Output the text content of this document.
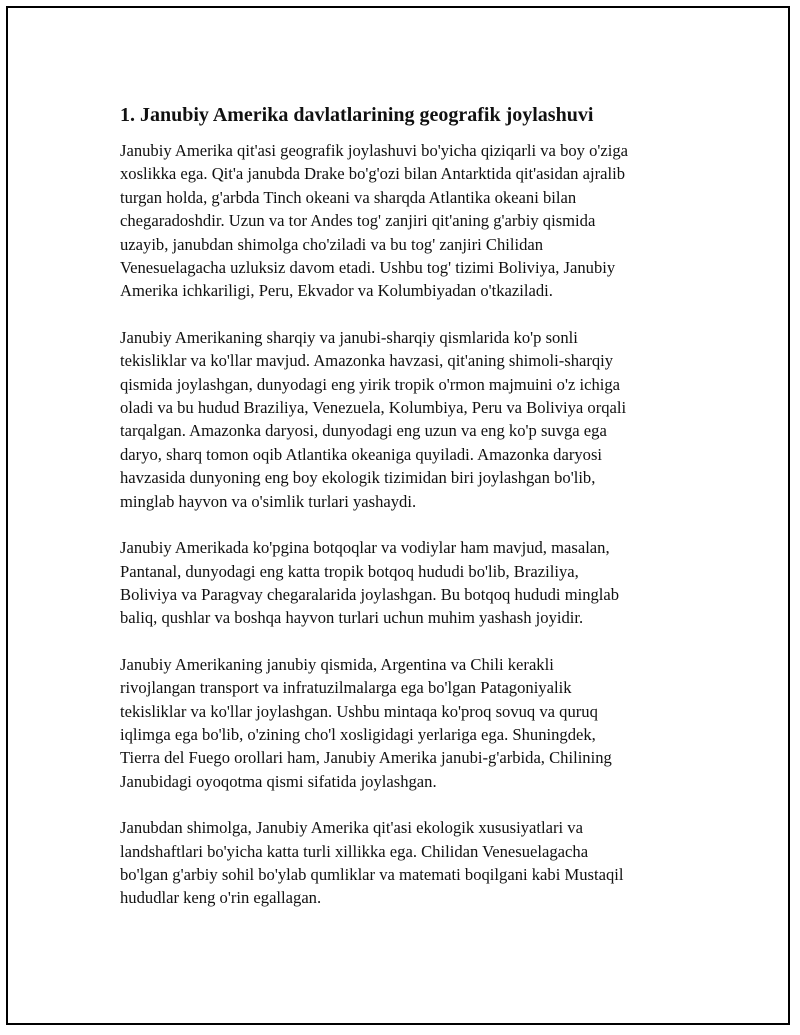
1. Janubiy Amerika davlatlarining geografik joylashuvi

Janubiy Amerika qit'asi geografik joylashuvi bo'yicha qiziqarli va boy o'ziga
xoslikka ega. Qit'a janubda Drake bo'g'ozi bilan Antarktida qit'asidan ajralib
turgan holda, g'arbda Tinch okeani va sharqda Atlantika okeani bilan
chegaradoshdir. Uzun va tor Andes tog' zanjiri qit'aning g'arbiy qismida
uzayib, janubdan shimolga cho'ziladi va bu tog' zanjiri Chilidan
Venesuelagacha uzluksiz davom etadi. Ushbu tog' tizimi Boliviya, Janubiy
Amerika ichkariligi, Peru, Ekvador va Kolumbiyadan o'tkaziladi.

Janubiy Amerikaning sharqiy va janubi-sharqiy qismlarida ko'p sonli
tekisliklar va ko'llar mavjud. Amazonka havzasi, qit'aning shimoli-sharqiy
qismida joylashgan, dunyodagi eng yirik tropik o'rmon majmuini o'z ichiga
oladi va bu hudud Braziliya, Venezuela, Kolumbiya, Peru va Boliviya orqali
tarqalgan. Amazonka daryosi, dunyodagi eng uzun va eng ko'p suvga ega
daryo, sharq tomon oqib Atlantika okeaniga quyiladi. Amazonka daryosi
havzasida dunyoning eng boy ekologik tizimidan biri joylashgan bo'lib,
minglab hayvon va o'simlik turlari yashaydi.

Janubiy Amerikada ko'pgina botqoqlar va vodiylar ham mavjud, masalan,
Pantanal, dunyodagi eng katta tropik botqoq hududi bo'lib, Braziliya,
Boliviya va Paragvay chegaralarida joylashgan. Bu botqoq hududi minglab
baliq, qushlar va boshqa hayvon turlari uchun muhim yashash joyidir.

Janubiy Amerikaning janubiy qismida, Argentina va Chili kerakli
rivojlangan transport va infratuzilmalarga ega bo'lgan Patagoniyalik
tekisliklar va ko'llar joylashgan. Ushbu mintaqa ko'proq sovuq va quruq
iqlimga ega bo'lib, o'zining cho'l xosligidagi yerlariga ega. Shuningdek,
Tierra del Fuego orollari ham, Janubiy Amerika janubi-g'arbida, Chilining
Janubidagi oyoqotma qismi sifatida joylashgan.

Janubdan shimolga, Janubiy Amerika qit'asi ekologik xususiyatlari va
landshaftlari bo'yicha katta turli xillikka ega. Chilidan Venesuelagacha
bo'lgan g'arbiy sohil bo'ylab qumliklar va matemati boqilgani kabi Mustaqil
hududlar keng o'rin egallagan.
